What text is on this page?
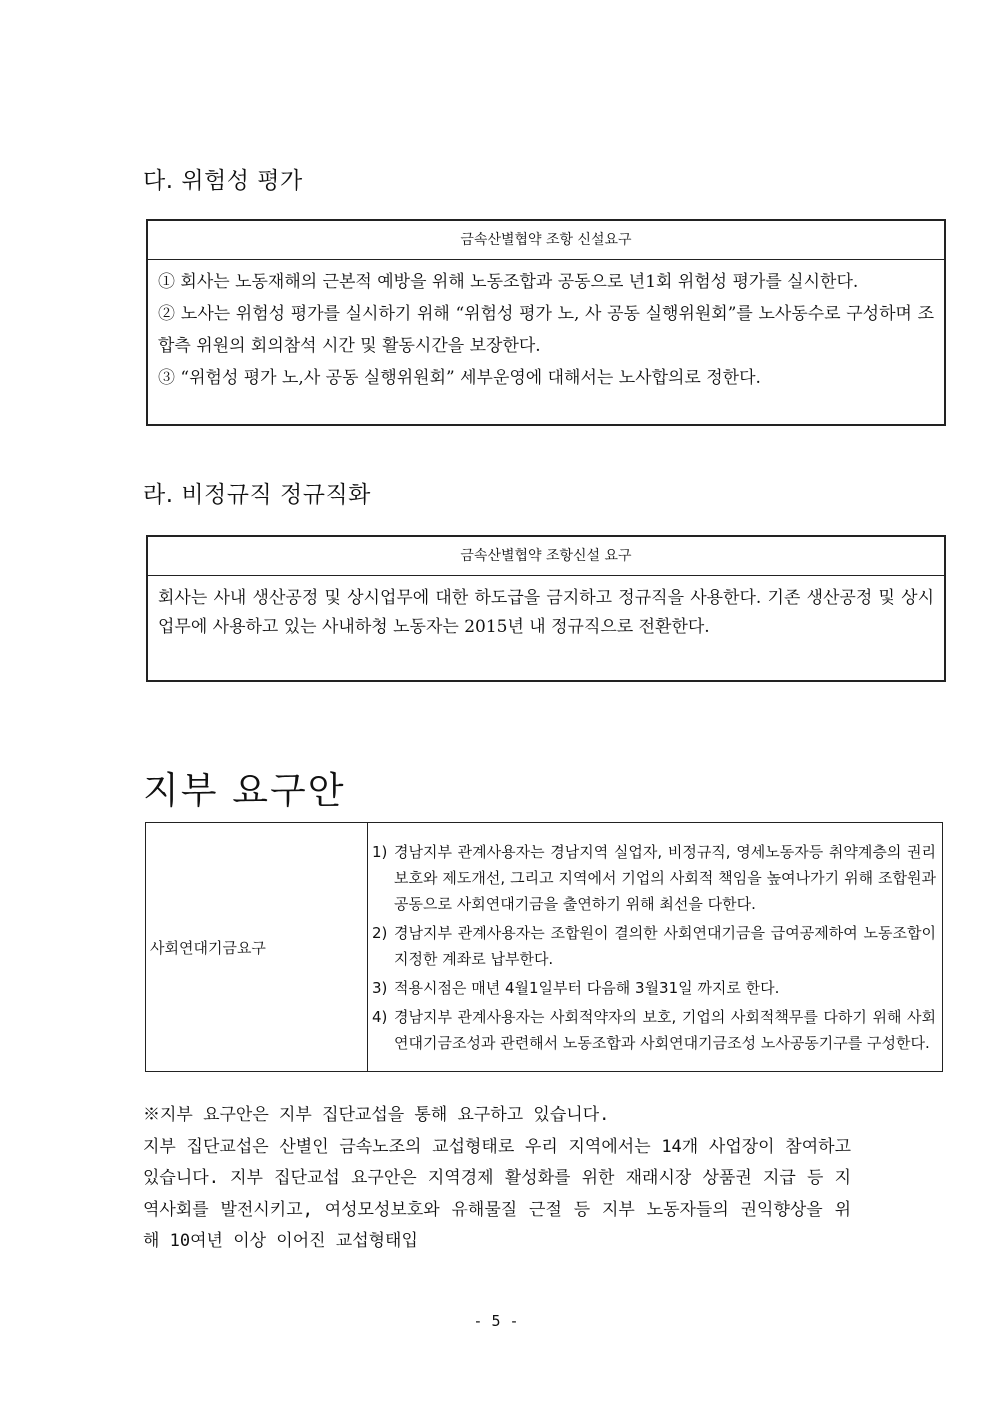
다. 위험성 평가
금속산별협약 조항 신설요구

① 회사는 노동재해의 근본적 예방을 위해 노동조합과 공동으로 년1회 위험성 평가를 실시한다.

② 노사는 위험성 평가를 실시하기 위해 “위험성 평가 노, 사 공동 실행위원회”를 노사동수로 구성하며 조합측 위원의 회의참석 시간 및 활동시간을 보장한다.

③ “위험성 평가 노,사 공동 실행위원회” 세부운영에 대해서는 노사합의로 정한다.

라. 비정규직 정규직화
금속산별협약 조항신설 요구

회사는 사내 생산공정 및 상시업무에 대한 하도급을 금지하고 정규직을 사용한다. 기존 생산공정 및 상시업무에 사용하고 있는 사내하청 노동자는 2015년 내 정규직으로 전환한다.

지부 요구안
사회연대기금요구	
1) 경남지부 관계사용자는 경남지역 실업자, 비정규직, 영세노동자등 취약계층의 권리보호와 제도개선, 그리고 지역에서 기업의 사회적 책임을 높여나가기 위해 조합원과 공동으로 사회연대기금을 출연하기 위해 최선을 다한다.
2) 경남지부 관계사용자는 조합원이 결의한 사회연대기금을 급여공제하여 노동조합이 지정한 계좌로 납부한다.
3) 적용시점은 매년 4월1일부터 다음해 3월31일 까지로 한다.
4) 경남지부 관계사용자는 사회적약자의 보호, 기업의 사회적책무를 다하기 위해 사회연대기금조성과 관련해서 노동조합과 사회연대기금조성 노사공동기구를 구성한다.

※지부 요구안은 지부 집단교섭을 통해 요구하고 있습니다.

지부 집단교섭은 산별인 금속노조의 교섭형태로 우리 지역에서는 14개 사업장이 참여하고 있습니다. 지부 집단교섭 요구안은 지역경제 활성화를 위한 재래시장 상품권 지급 등 지역사회를 발전시키고, 여성모성보호와 유해물질 근절 등 지부 노동자들의 권익향상을 위해 10여년 이상 이어진 교섭형태입

- 5 -
